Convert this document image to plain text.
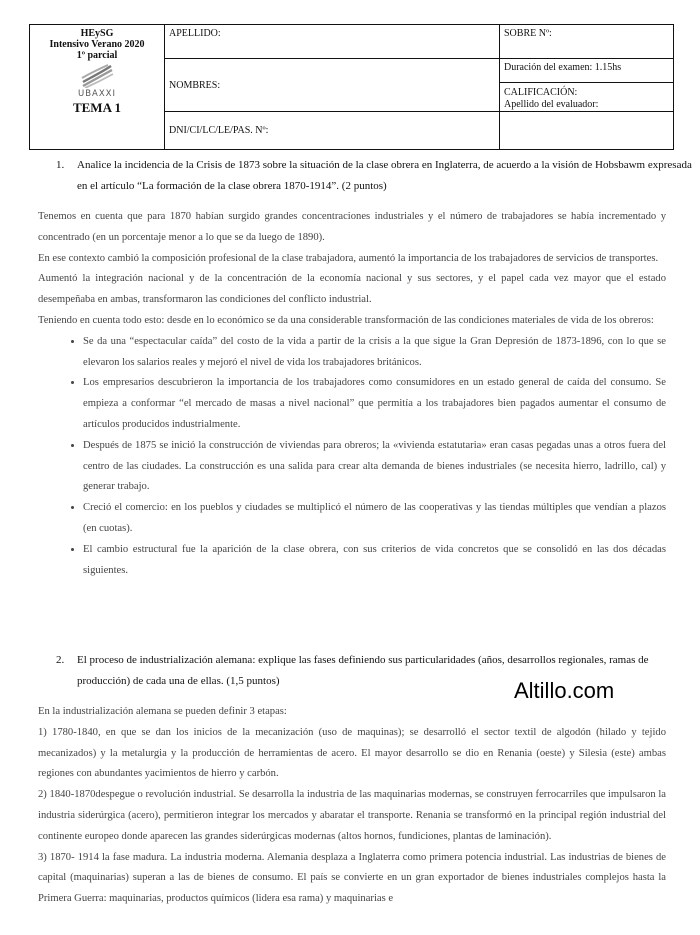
HEySG
Intensivo Verano 2020
1º parcial
UBAXXI
TEMA 1	APELLIDO:	SOBRE Nº:
	NOMBRES:	Duración del examen: 1.15hs
CALIFICACIÓN:
Apellido del evaluador:

	DNI/CI/LC/LE/PAS. Nº:	
1.	Analice la incidencia de la Crisis de 1873 sobre la situación de la clase obrera en Inglaterra, de acuerdo a la visión de Hobsbawm expresada en el artículo “La formación de la clase obrera 1870-1914”. (2 puntos)

Tenemos en cuenta que para 1870 habían surgido grandes concentraciones industriales y el número de trabajadores se había incrementado y concentrado (en un porcentaje menor a lo que se da luego de 1890).

En ese contexto cambió la composición profesional de la clase trabajadora, aumentó la importancia de los trabajadores de servicios de transportes.

Aumentó la integración nacional y de la concentración de la economía nacional y sus sectores, y el papel cada vez mayor que el estado desempeñaba en ambas, transformaron las condiciones del conflicto industrial.

Teniendo en cuenta todo esto: desde en lo económico se da una considerable transformación de las condiciones materiales de vida de los obreros:

• Se da una “espectacular caída” del costo de la vida a partir de la crisis a la que sigue la Gran Depresión de 1873-1896, con lo que se elevaron los salarios reales y mejoró el nivel de vida los trabajadores británicos.
• Los empresarios descubrieron la importancia de los trabajadores como consumidores en un estado general de caída del consumo. Se empieza a conformar “el mercado de masas a nivel nacional” que permitía a los trabajadores bien pagados aumentar el consumo de artículos producidos industrialmente.
• Después de 1875 se inició la construcción de viviendas para obreros; la «vivienda estatutaria» eran casas pegadas unas a otros fuera del centro de las ciudades. La construcción es una salida para crear alta demanda de bienes industriales (se necesita hierro, ladrillo, cal) y generar trabajo.
• Creció el comercio: en los pueblos y ciudades se multiplicó el número de las cooperativas y las tiendas múltiples que vendían a plazos (en cuotas).
• El cambio estructural fue la aparición de la clase obrera, con sus criterios de vida concretos que se consolidó en las dos décadas siguientes.
2.	El proceso de industrialización alemana: explique las fases definiendo sus particularidades (años, desarrollos regionales, ramas de producción) de cada una de ellas. (1,5 puntos)	Altillo.com

En la industrialización alemana se pueden definir 3 etapas:

1) 1780-1840, en que se dan los inicios de la mecanización (uso de maquinas); se desarrolló el sector textil de algodón (hilado y tejido mecanizados) y la metalurgia y la producción de herramientas de acero. El mayor desarrollo se dio en Renania (oeste) y Silesia (este) ambas regiones con abundantes yacimientos de hierro y carbón.

2) 1840-1870despegue o revolución industrial. Se desarrolla la industria de las maquinarias modernas, se construyen ferrocarriles que impulsaron la industria siderúrgica (acero), permitieron integrar los mercados y abaratar el transporte. Renania se transformó en la principal región industrial del continente europeo donde aparecen las grandes siderúrgicas modernas (altos hornos, fundiciones, plantas de laminación).

3) 1870- 1914 la fase madura. La industria moderna. Alemania desplaza a Inglaterra como primera potencia industrial. Las industrias de bienes de capital (maquinarias) superan a las de bienes de consumo. El país se convierte en un gran exportador de bienes industriales complejos hasta la Primera Guerra: maquinarias, productos químicos (lidera esa rama) y maquinarias e
